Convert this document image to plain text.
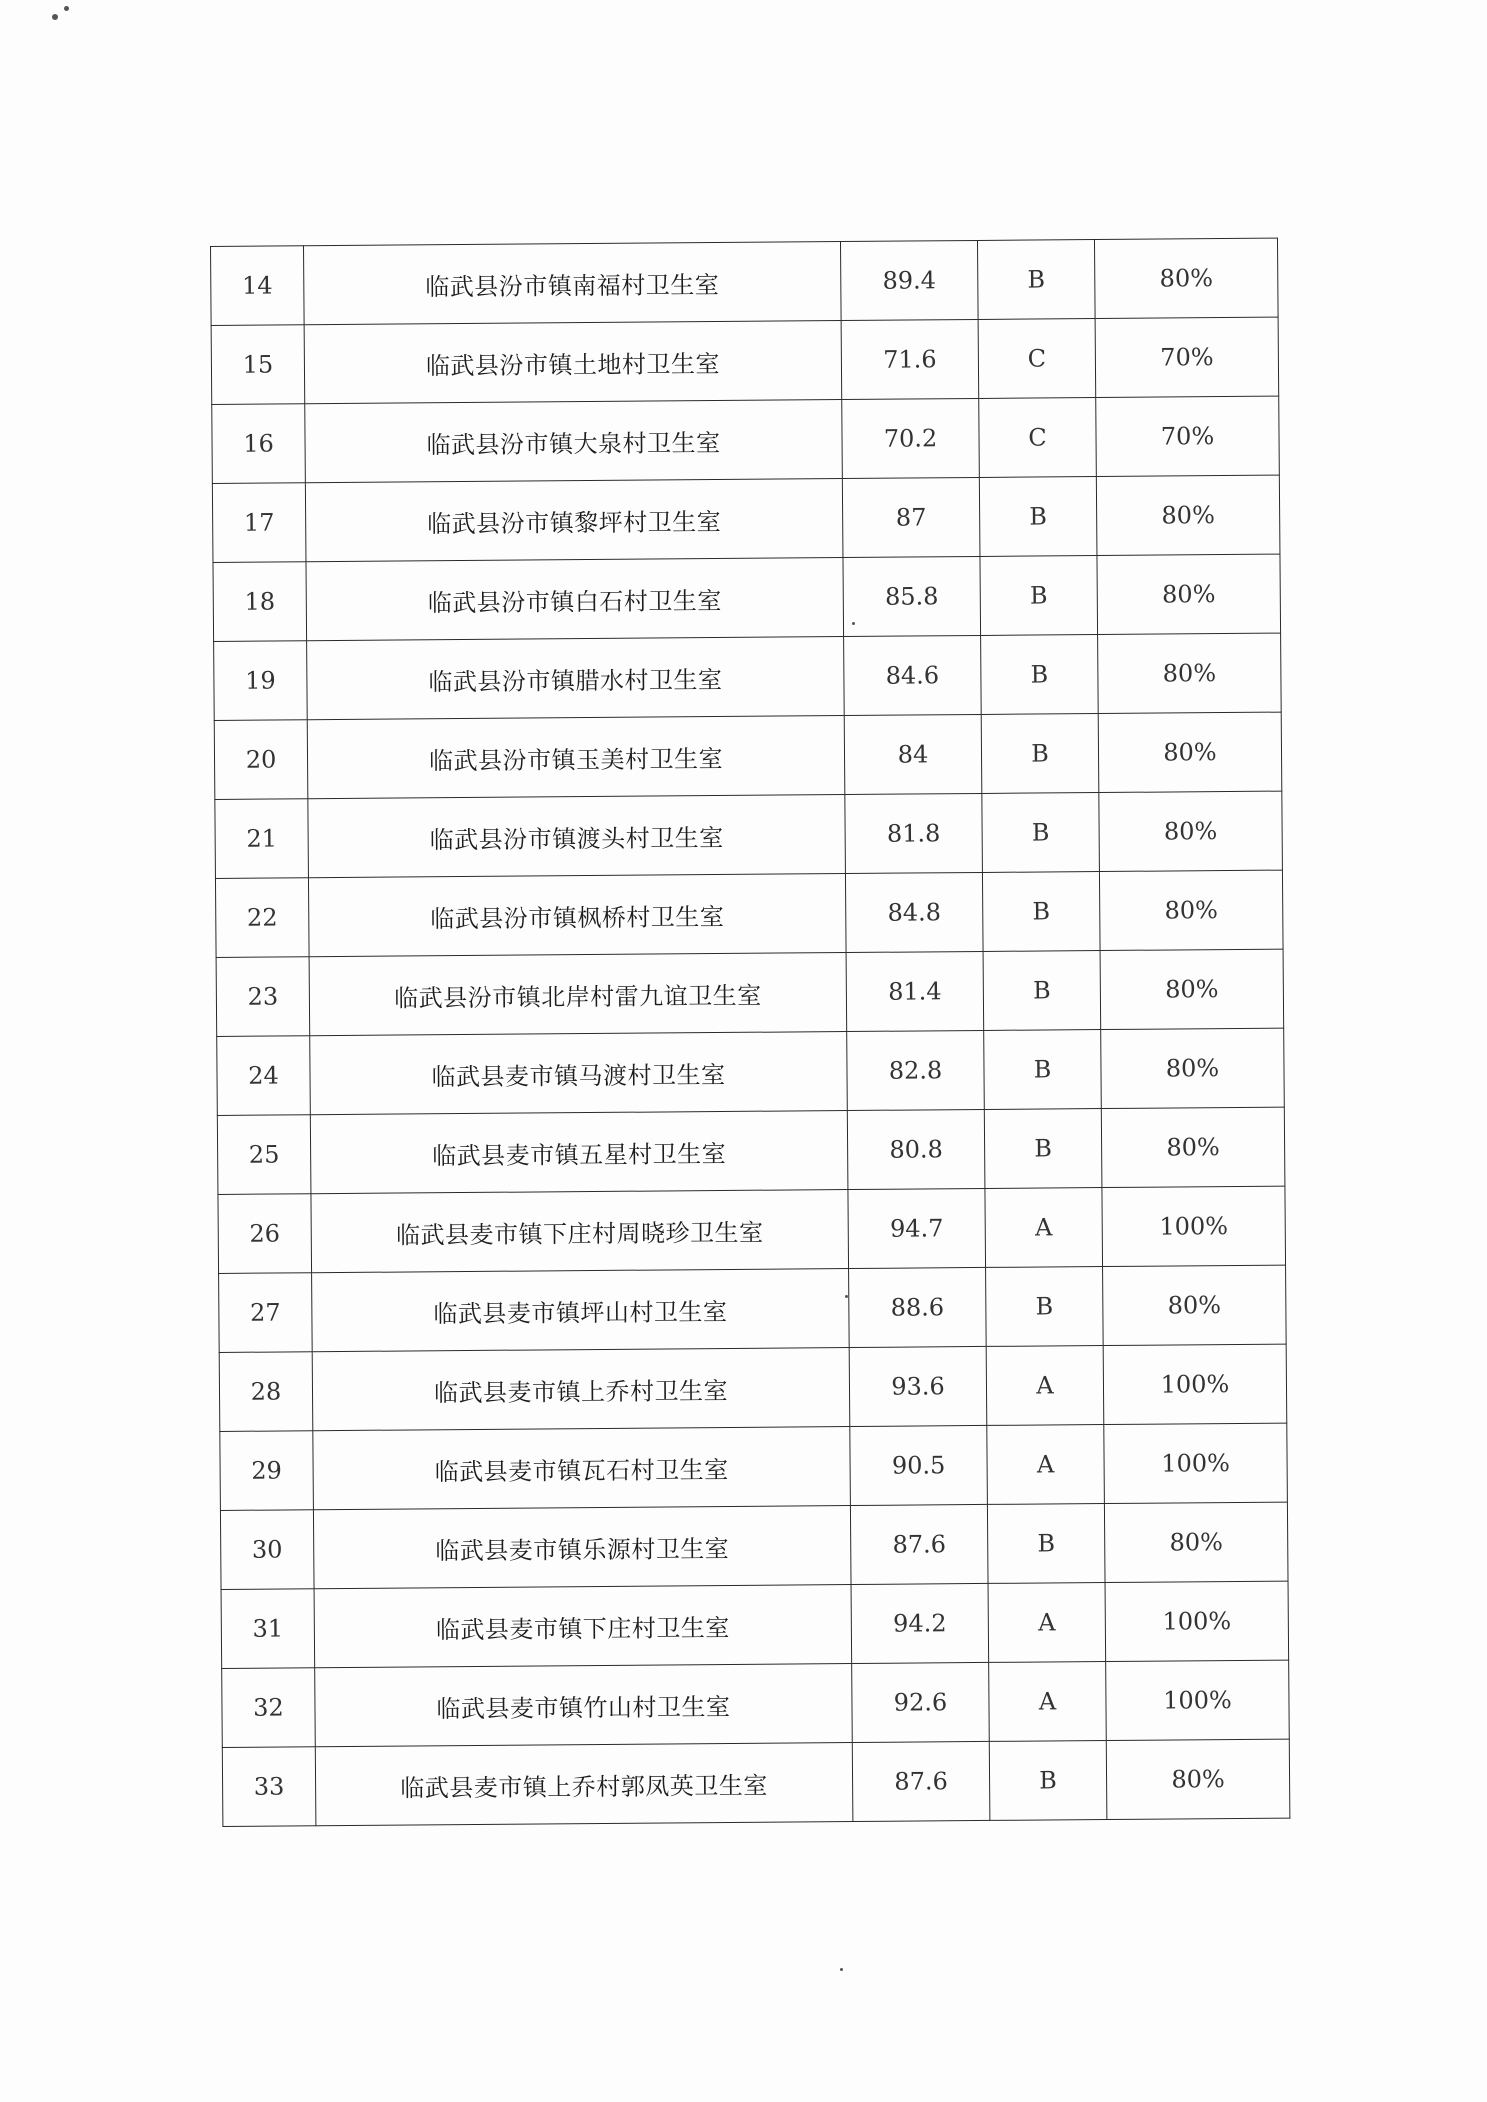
14	临武县汾市镇南福村卫生室	89.4	B	80%
15	临武县汾市镇土地村卫生室	71.6	C	70%
16	临武县汾市镇大泉村卫生室	70.2	C	70%
17	临武县汾市镇黎坪村卫生室	87	B	80%
18	临武县汾市镇白石村卫生室	85.8	B	80%
19	临武县汾市镇腊水村卫生室	84.6	B	80%
20	临武县汾市镇玉美村卫生室	84	B	80%
21	临武县汾市镇渡头村卫生室	81.8	B	80%
22	临武县汾市镇枫桥村卫生室	84.8	B	80%
23	临武县汾市镇北岸村雷九谊卫生室	81.4	B	80%
24	临武县麦市镇马渡村卫生室	82.8	B	80%
25	临武县麦市镇五星村卫生室	80.8	B	80%
26	临武县麦市镇下庄村周晓珍卫生室	94.7	A	100%
27	临武县麦市镇坪山村卫生室	88.6	B	80%
28	临武县麦市镇上乔村卫生室	93.6	A	100%
29	临武县麦市镇瓦石村卫生室	90.5	A	100%
30	临武县麦市镇乐源村卫生室	87.6	B	80%
31	临武县麦市镇下庄村卫生室	94.2	A	100%
32	临武县麦市镇竹山村卫生室	92.6	A	100%
33	临武县麦市镇上乔村郭凤英卫生室	87.6	B	80%
